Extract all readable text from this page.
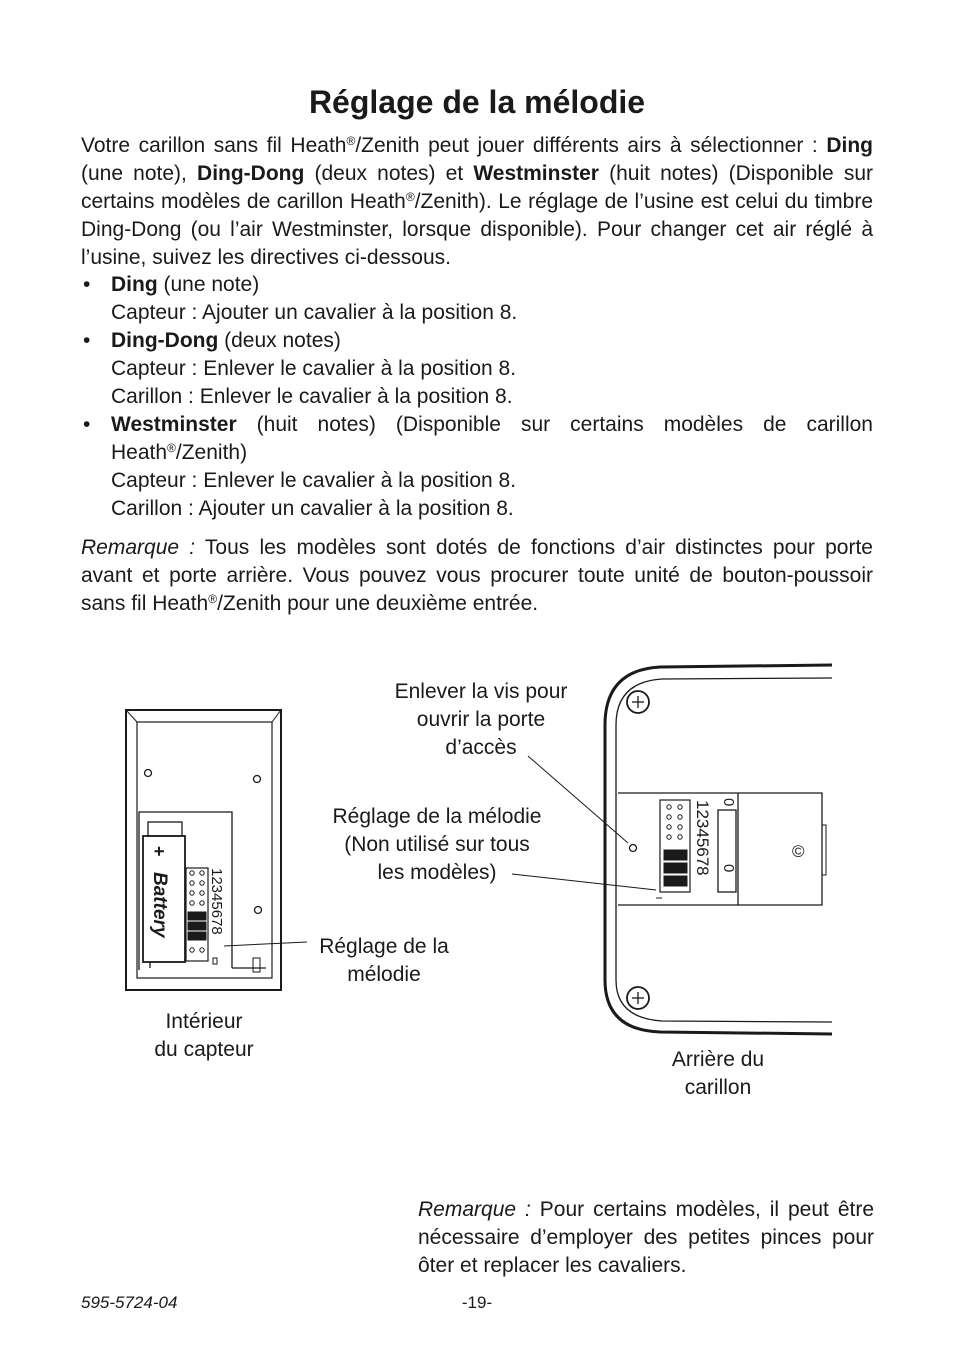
Réglage de la mélodie

Votre carillon sans fil Heath®/Zenith peut jouer différents airs à sélectionner : Ding (une note), Ding-Dong (deux notes) et Westminster (huit notes) (Disponible sur certains modèles de carillon Heath®/Zenith). Le réglage de l’usine est celui du timbre Ding-Dong (ou l’air Westminster, lorsque disponible). Pour changer cet air réglé à l’usine, suivez les directives ci-dessous.

• Ding (une note)
Capteur : Ajouter un cavalier à la position 8.
• Ding-Dong (deux notes)
Capteur : Enlever le cavalier à la position 8.
Carillon : Enlever le cavalier à la position 8.
• Westminster (huit notes) (Disponible sur certains modèles de carillon Heath®/Zenith)
Capteur : Enlever le cavalier à la position 8.
Carillon : Ajouter un cavalier à la position 8.

Remarque : Tous les modèles sont dotés de fonctions d’air distinctes pour porte avant et porte arrière. Vous pouvez vous procurer toute unité de bouton-poussoir sans fil Heath®/Zenith pour une deuxième entrée.

Battery
+
12345678
12345678 0
0
©
Enlever la vis pour
ouvrir la porte
d’accès
Réglage de la mélodie
(Non utilisé sur tous
les modèles)
Réglage de la
mélodie
Intérieur
du capteur	Arrière du
carillon

Remarque : Pour certains modèles, il peut être nécessaire d’employer des petites pinces pour ôter et replacer les cavaliers.

595-5724-04	-19-
